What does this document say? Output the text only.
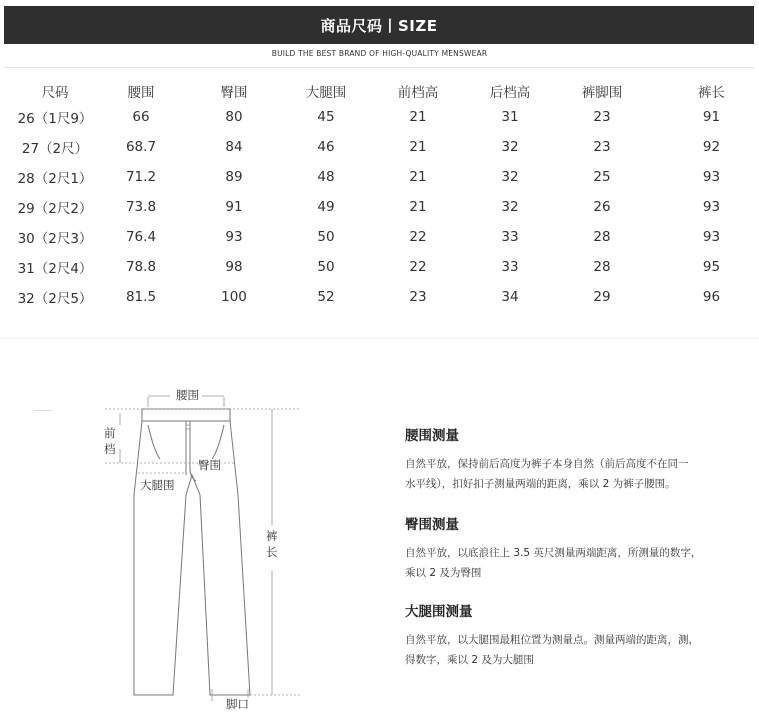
商品尺码丨SIZE
BUILD THE BEST BRAND OF HIGH-QUALITY MENSWEAR
尺码	腰围	臀围	大腿围	前档高	后档高	裤脚围	裤长
26（1尺9）	66	80	45	21	31	23	91
27（2尺）	68.7	84	46	21	32	23	92
28（2尺1）	71.2	89	48	21	32	25	93
29（2尺2）	73.8	91	49	21	32	26	93
30（2尺3）	76.4	93	50	22	33	28	93
31（2尺4）	78.8	98	50	22	33	28	95
32（2尺5）	81.5	100	52	23	34	29	96
腰围
前
档
臀围
大腿围
裤
长
脚口
腰围测量
自然平放，保持前后高度为裤子本身自然（前后高度不在同一
水平线），扣好扣子测量两端的距离，乘以 2 为裤子腰围。
臀围测量
自然平放，以底浪往上 3.5 英尺测量两端距离，所测量的数字，
乘以 2 及为臀围
大腿围测量
自然平放，以大腿围最粗位置为测量点。测量两端的距离，测，
得数字，乘以 2 及为大腿围
